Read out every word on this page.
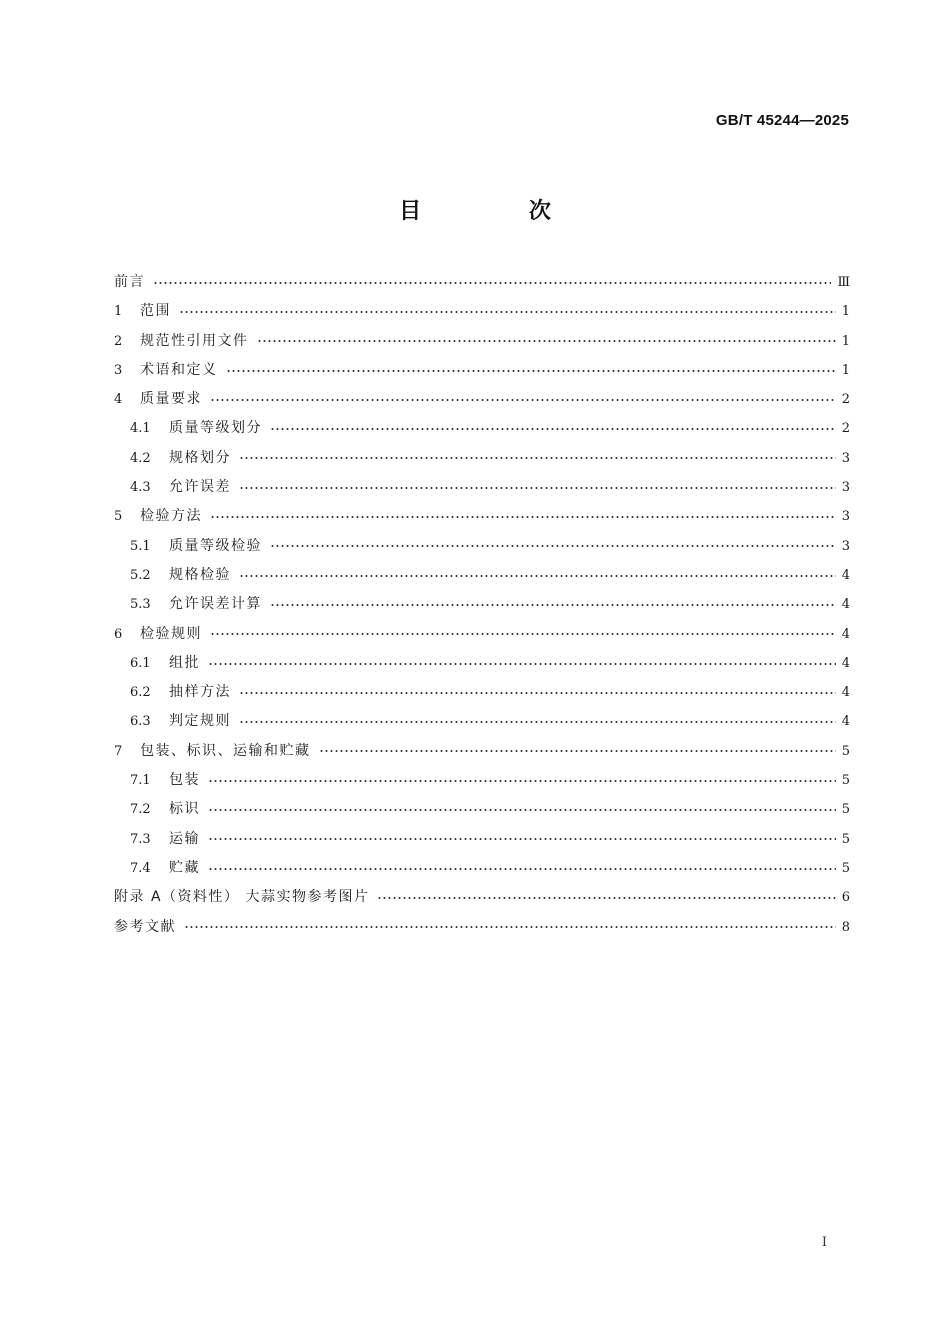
GB/T 45244—2025
目 次
前言	Ⅲ
1	范围	1
2	规范性引用文件	1
3	术语和定义	1
4	质量要求	2
4.1	质量等级划分	2
4.2	规格划分	3
4.3	允许误差	3
5	检验方法	3
5.1	质量等级检验	3
5.2	规格检验	4
5.3	允许误差计算	4
6	检验规则	4
6.1	组批	4
6.2	抽样方法	4
6.3	判定规则	4
7	包装、标识、运输和贮藏	5
7.1	包装	5
7.2	标识	5
7.3	运输	5
7.4	贮藏	5
附录 A（资料性） 大蒜实物参考图片	6
参考文献	8
Ⅰ
